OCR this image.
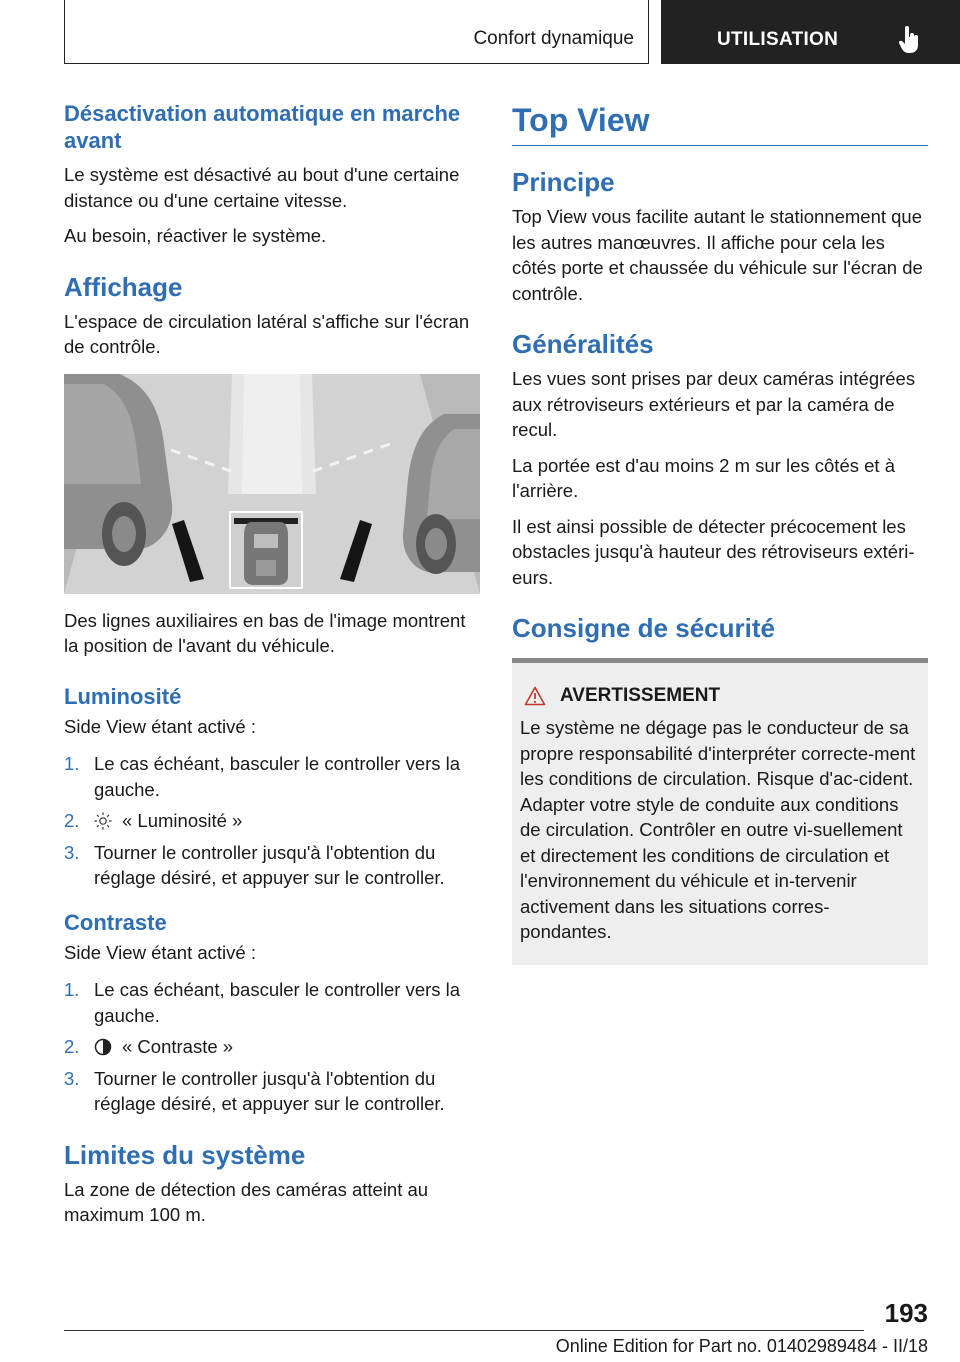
Confort dynamique	UTILISATION
Désactivation automatique en marche avant

Le système est désactivé au bout d'une certaine distance ou d'une certaine vitesse.

Au besoin, réactiver le système.

Affichage

L'espace de circulation latéral s'affiche sur l'écran de contrôle.

Des lignes auxiliaires en bas de l'image montrent la position de l'avant du véhicule.

Luminosité

Side View étant activé :

1. Le cas échéant, basculer le controller vers la gauche.
2. « Luminosité »
3. Tourner le controller jusqu'à l'obtention du réglage désiré, et appuyer sur le controller.
Contraste

Side View étant activé :

1. Le cas échéant, basculer le controller vers la gauche.
2. « Contraste »
3. Tourner le controller jusqu'à l'obtention du réglage désiré, et appuyer sur le controller.
Limites du système

La zone de détection des caméras atteint au maximum 100 m.

Top View
Principe

Top View vous facilite autant le stationnement que les autres manœuvres. Il affiche pour cela les côtés porte et chaussée du véhicule sur l'écran de contrôle.

Généralités

Les vues sont prises par deux caméras intégrées aux rétroviseurs extérieurs et par la caméra de recul.

La portée est d'au moins 2 m sur les côtés et à l'arrière.

Il est ainsi possible de détecter précocement les obstacles jusqu'à hauteur des rétroviseurs extéri‐eurs.

Consigne de sécurité
AVERTISSEMENT

Le système ne dégage pas le conducteur de sa propre responsabilité d'interpréter correcte‐ment les conditions de circulation. Risque d'ac‐cident. Adapter votre style de conduite aux conditions de circulation. Contrôler en outre vi‐suellement et directement les conditions de circulation et l'environnement du véhicule et in‐tervenir activement dans les situations corres‐pondantes.

193
Online Edition for Part no. 01402989484 - II/18
